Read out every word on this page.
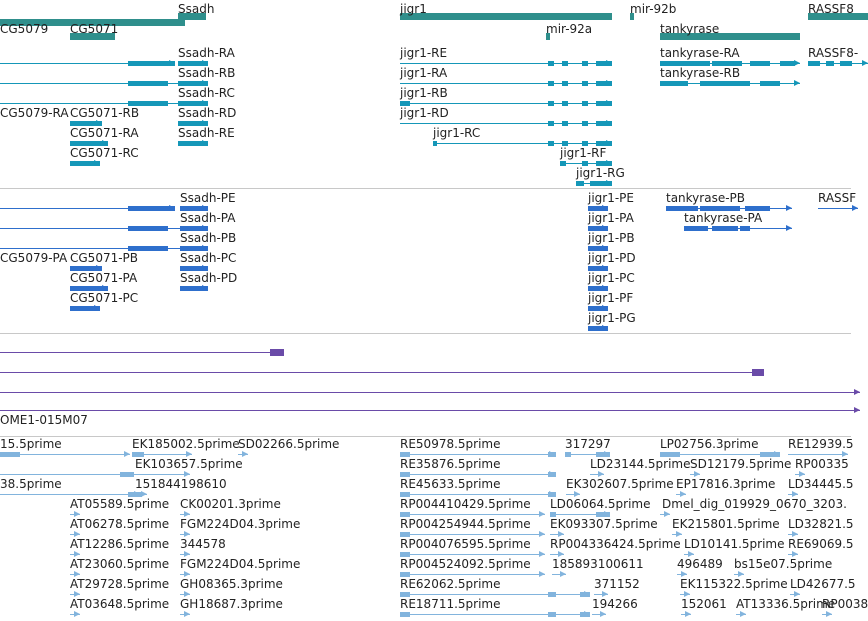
OME1-015M07
CG5079
Ssadh
CG5071
jigr1	mir-92b
mir-92a	tankyrase
RASSF8
Ssadh-RA
Ssadh-RB
Ssadh-RC
CG5079-RA CG5071-RB	Ssadh-RD
CG5071-RA	Ssadh-RE
CG5071-RC
jigr1-RE
jigr1-RA
jigr1-RB
jigr1-RD
jigr1-RC
jigr1-RF
jigr1-RG
tankyrase-RA
tankyrase-RB
RASSF8-
Ssadh-PE
Ssadh-PA
Ssadh-PB
CG5079-PA CG5071-PB	Ssadh-PC
CG5071-PA	Ssadh-PD
CG5071-PC
jigr1-PE
jigr1-PA
jigr1-PB
jigr1-PD
jigr1-PC
jigr1-PF
jigr1-PG
tankyrase-PB
tankyrase-PA
RASSF
15.5prime	EK185002.5prime
SD02266.5prime
EK103657.5prime
38.5prime	151844198610
AT05589.5prime CK00201.3prime
AT06278.5prime FGM224D04.3prime
AT12286.5prime 344578
AT23060.5prime FGM224D04.5prime
AT29728.5prime GH08365.3prime
AT03648.5prime GH18687.3prime
RE50978.5prime	317297	LP02756.3prime RE12939.5
RE35876.5prime	LD23144.5prime SD12179.5prime RP00335
RE45633.5prime	EK302607.5prime EP17816.3prime LD34445.5
RP004410429.5prime LD06064.5prime Dmel_dig_019929_0670_3203.
RP004254944.5prime EK093307.5prime EK215801.5prime LD32821.5
RP004076595.5prime RP004336424.5prime LD10141.5prime RE69069.5
RP004524092.5prime 185893100611	496489 bs15e07.5prime
RE62062.5prime	371152	EK115322.5prime LD42677.5
RE18711.5prime	194266	152061 AT13336.5prime
RP0038
